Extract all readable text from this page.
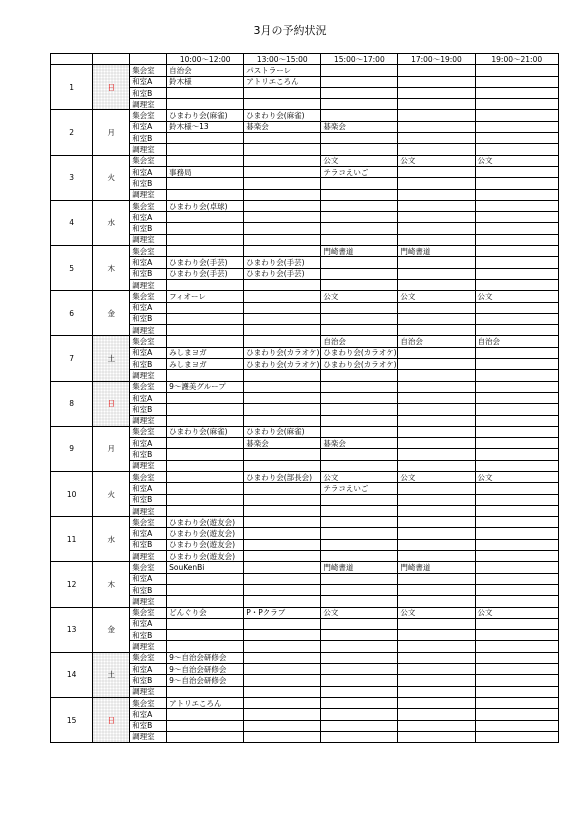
3月の予約状況
			10:00～12:00	13:00～15:00	15:00～17:00	17:00～19:00	19:00～21:00
1	日	集会室	自治会	パストラーレ			
		和室A	鈴木様	アトリエころん			
		和室B					
		調理室					
2	月	集会室	ひまわり会(麻雀)	ひまわり会(麻雀)			
		和室A	鈴木様～13	碁楽会	碁楽会		
		和室B					
		調理室					
3	火	集会室			公文	公文	公文
		和室A	事務局		テラコえいご		
		和室B					
		調理室					
4	水	集会室	ひまわり会(卓球)				
		和室A					
		和室B					
		調理室					
5	木	集会室			門崎書道	門崎書道	
		和室A	ひまわり会(手芸)	ひまわり会(手芸)			
		和室B	ひまわり会(手芸)	ひまわり会(手芸)			
		調理室					
6	金	集会室	フィオーレ		公文	公文	公文
		和室A					
		和室B					
		調理室					
7	土	集会室			自治会	自治会	自治会
		和室A	みしまヨガ	ひまわり会(カラオケ)	ひまわり会(カラオケ)		
		和室B	みしまヨガ	ひまわり会(カラオケ)	ひまわり会(カラオケ)		
		調理室					
8	日	集会室	9～護美グループ				
		和室A					
		和室B					
		調理室					
9	月	集会室	ひまわり会(麻雀)	ひまわり会(麻雀)			
		和室A		碁楽会	碁楽会		
		和室B					
		調理室					
10	火	集会室		ひまわり会(部長会)	公文	公文	公文
		和室A			テラコえいご		
		和室B					
		調理室					
11	水	集会室	ひまわり会(遊友会)				
		和室A	ひまわり会(遊友会)				
		和室B	ひまわり会(遊友会)				
		調理室	ひまわり会(遊友会)				
12	木	集会室	SouKenBi		門崎書道	門崎書道	
		和室A					
		和室B					
		調理室					
13	金	集会室	どんぐり会	P・Pクラブ	公文	公文	公文
		和室A					
		和室B					
		調理室					
14	土	集会室	9～自治会研修会				
		和室A	9～自治会研修会				
		和室B	9～自治会研修会				
		調理室					
15	日	集会室	アトリエころん				
		和室A					
		和室B					
		調理室					
